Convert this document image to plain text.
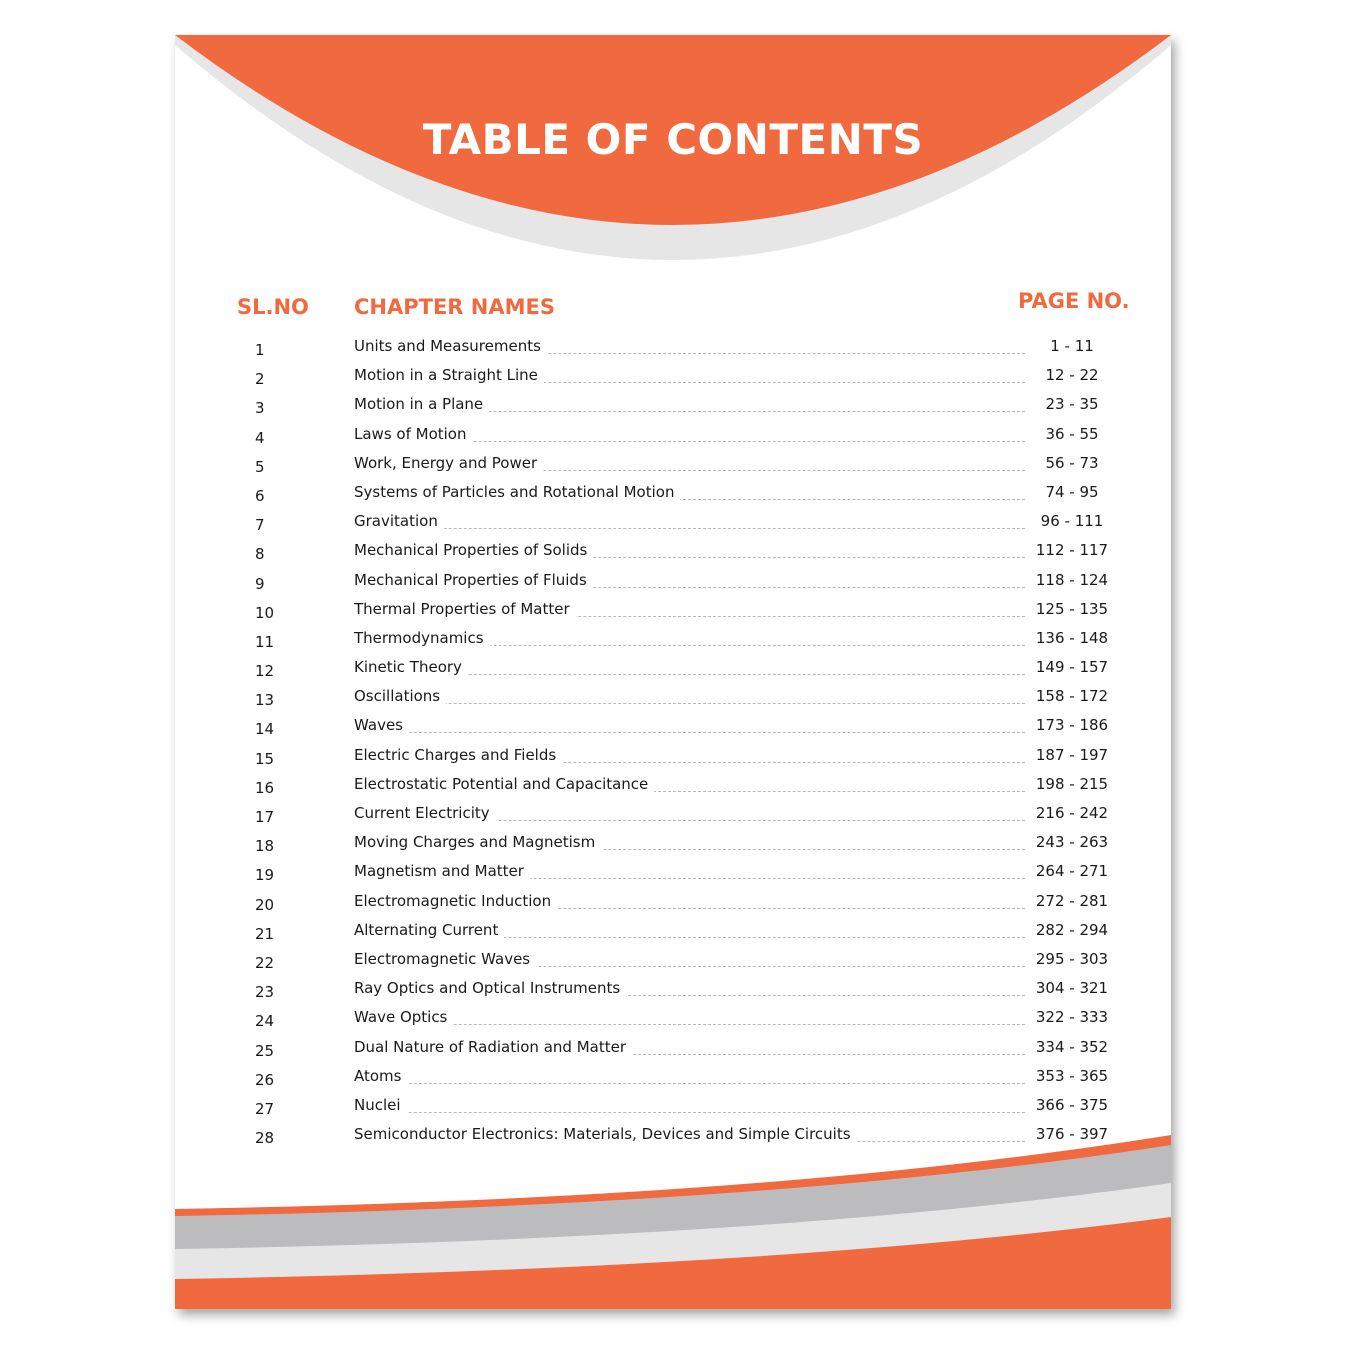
TABLE OF CONTENTS
SL.NO CHAPTER NAMES	PAGE NO.
1	Units and Measurements	1 - 11
2	Motion in a Straight Line	12 - 22
3	Motion in a Plane	23 - 35
4	Laws of Motion	36 - 55
5	Work, Energy and Power	56 - 73
6	Systems of Particles and Rotational Motion	74 - 95
7	Gravitation	96 - 111
8	Mechanical Properties of Solids	112 - 117
9	Mechanical Properties of Fluids	118 - 124
10	Thermal Properties of Matter	125 - 135
11	Thermodynamics	136 - 148
12	Kinetic Theory	149 - 157
13	Oscillations	158 - 172
14	Waves	173 - 186
15	Electric Charges and Fields	187 - 197
16	Electrostatic Potential and Capacitance	198 - 215
17	Current Electricity	216 - 242
18	Moving Charges and Magnetism	243 - 263
19	Magnetism and Matter	264 - 271
20	Electromagnetic Induction	272 - 281
21	Alternating Current	282 - 294
22	Electromagnetic Waves	295 - 303
23	Ray Optics and Optical Instruments	304 - 321
24	Wave Optics	322 - 333
25	Dual Nature of Radiation and Matter	334 - 352
26	Atoms	353 - 365
27	Nuclei	366 - 375
28	Semiconductor Electronics: Materials, Devices and Simple Circuits	376 - 397
